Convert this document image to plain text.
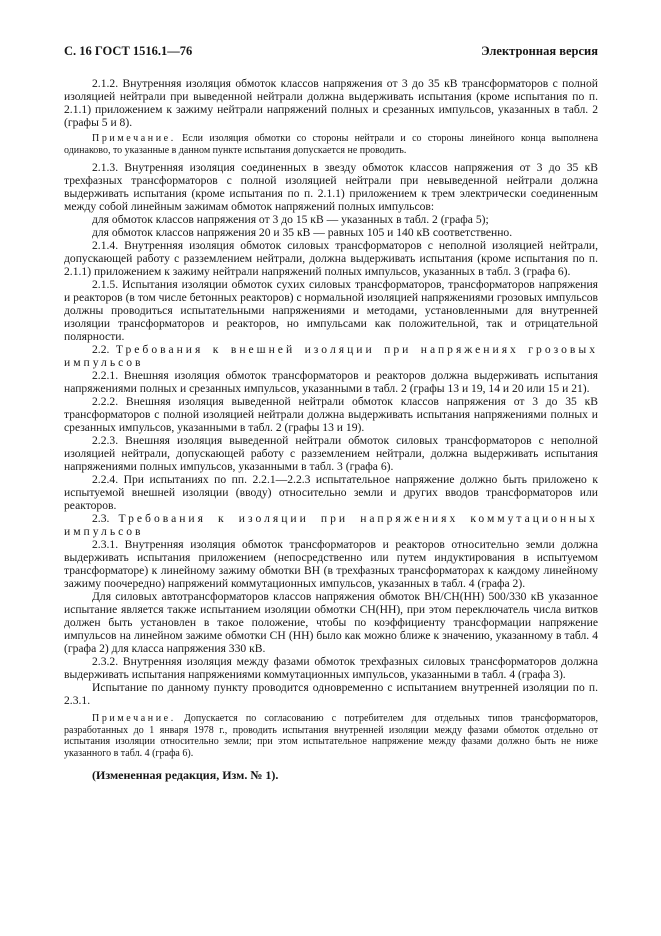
С. 16 ГОСТ 1516.1—76	Электронная версия

2.1.2. Внутренняя изоляция обмоток классов напряжения от 3 до 35 кВ трансформаторов с полной изоляцией нейтрали при выведенной нейтрали должна выдерживать испытания (кроме испытания по п. 2.1.1) приложением к зажиму нейтрали напряжений полных и срезанных импульсов, указанных в табл. 2 (графы 5 и 8).

Примечание. Если изоляция обмотки со стороны нейтрали и со стороны линейного конца выполнена одинаково, то указанные в данном пункте испытания допускается не проводить.

2.1.3. Внутренняя изоляция соединенных в звезду обмоток классов напряжения от 3 до 35 кВ трехфазных трансформаторов с полной изоляцией нейтрали при невыведенной нейтрали должна выдерживать испытания (кроме испытания по п. 2.1.1) приложением к трем электрически соединенным между собой линейным зажимам обмоток напряжений полных импульсов:

для обмоток классов напряжения от 3 до 15 кВ — указанных в табл. 2 (графа 5);

для обмоток классов напряжения 20 и 35 кВ — равных 105 и 140 кВ соответственно.

2.1.4. Внутренняя изоляция обмоток силовых трансформаторов с неполной изоляцией нейтрали, допускающей работу с разземлением нейтрали, должна выдерживать испытания (кроме испытания по п. 2.1.1) приложением к зажиму нейтрали напряжений полных импульсов, указанных в табл. 3 (графа 6).

2.1.5. Испытания изоляции обмоток сухих силовых трансформаторов, трансформаторов напряжения и реакторов (в том числе бетонных реакторов) с нормальной изоляцией напряжениями грозовых импульсов должны проводиться испытательными напряжениями и методами, установленными для внутренней изоляции трансформаторов и реакторов, но импульсами как положительной, так и отрицательной полярности.

2.2. Требования к внешней изоляции при напряжениях грозовых импульсов

2.2.1. Внешняя изоляция обмоток трансформаторов и реакторов должна выдерживать испытания напряжениями полных и срезанных импульсов, указанными в табл. 2 (графы 13 и 19, 14 и 20 или 15 и 21).

2.2.2. Внешняя изоляция выведенной нейтрали обмоток классов напряжения от 3 до 35 кВ трансформаторов с полной изоляцией нейтрали должна выдерживать испытания напряжениями полных и срезанных импульсов, указанными в табл. 2 (графы 13 и 19).

2.2.3. Внешняя изоляция выведенной нейтрали обмоток силовых трансформаторов с неполной изоляцией нейтрали, допускающей работу с разземлением нейтрали, должна выдерживать испытания напряжениями полных импульсов, указанными в табл. 3 (графа 6).

2.2.4. При испытаниях по пп. 2.2.1—2.2.3 испытательное напряжение должно быть приложено к испытуемой внешней изоляции (вводу) относительно земли и других вводов трансформаторов или реакторов.

2.3. Требования к изоляции при напряжениях коммутационных импульсов

2.3.1. Внутренняя изоляция обмоток трансформаторов и реакторов относительно земли должна выдерживать испытания приложением (непосредственно или путем индуктирования в испытуемом трансформаторе) к линейному зажиму обмотки ВН (в трехфазных трансформаторах к каждому линейному зажиму поочередно) напряжений коммутационных импульсов, указанных в табл. 4 (графа 2).

Для силовых автотрансформаторов классов напряжения обмоток ВН/СН(НН) 500/330 кВ указанное испытание является также испытанием изоляции обмотки СН(НН), при этом переключатель числа витков должен быть установлен в такое положение, чтобы по коэффициенту трансформации напряжение импульсов на линейном зажиме обмотки СН (НН) было как можно ближе к значению, указанному в табл. 4 (графа 2) для класса напряжения 330 кВ.

2.3.2. Внутренняя изоляция между фазами обмоток трехфазных силовых трансформаторов должна выдерживать испытания напряжениями коммутационных импульсов, указанными в табл. 4 (графа 3).

Испытание по данному пункту проводится одновременно с испытанием внутренней изоляции по п. 2.3.1.

Примечание. Допускается по согласованию с потребителем для отдельных типов трансформаторов, разработанных до 1 января 1978 г., проводить испытания внутренней изоляции между фазами обмоток отдельно от испытания изоляции относительно земли; при этом испытательное напряжение между фазами должно быть не ниже указанного в табл. 4 (графа 6).

(Измененная редакция, Изм. № 1).
